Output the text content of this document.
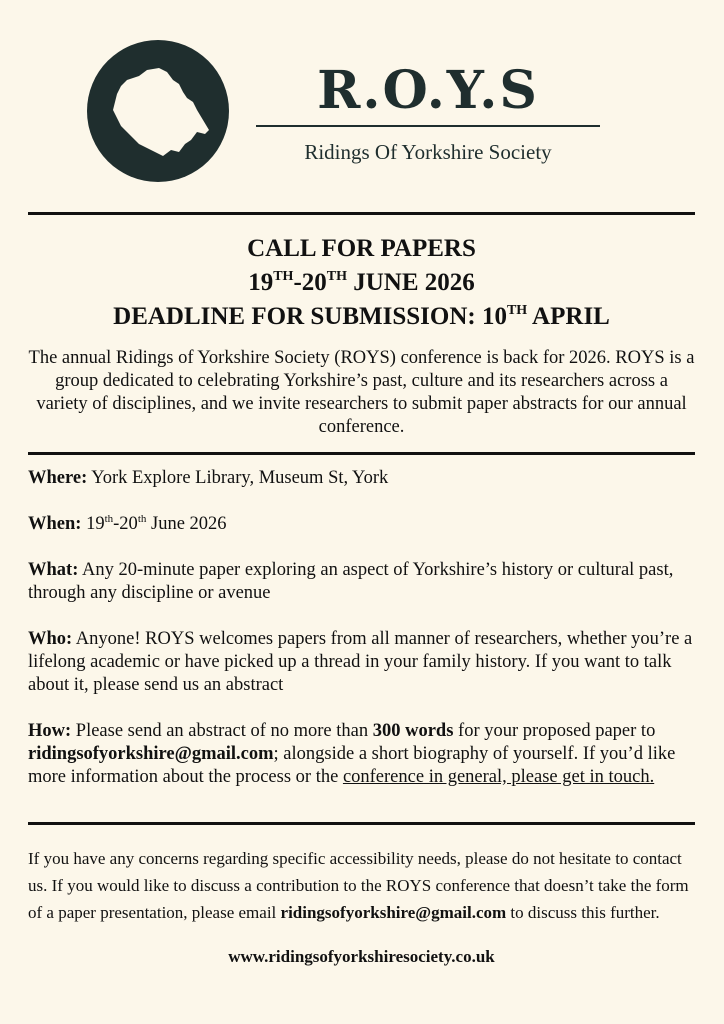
R.O.Y.S
Ridings Of Yorkshire Society
CALL FOR PAPERS
19TH-20TH JUNE 2026
DEADLINE FOR SUBMISSION: 10TH APRIL
The annual Ridings of Yorkshire Society (ROYS) conference is back for 2026. ROYS is a group dedicated to celebrating Yorkshire’s past, culture and its researchers across a variety of disciplines, and we invite researchers to submit paper abstracts for our annual conference.

Where: York Explore Library, Museum St, York

When: 19th-20th June 2026

What: Any 20-minute paper exploring an aspect of Yorkshire’s history or cultural past, through any discipline or avenue

Who: Anyone! ROYS welcomes papers from all manner of researchers, whether you’re a lifelong academic or have picked up a thread in your family history. If you want to talk about it, please send us an abstract

How: Please send an abstract of no more than 300 words for your proposed paper to ridingsofyorkshire@gmail.com; alongside a short biography of yourself. If you’d like more information about the process or the conference in general, please get in touch.

If you have any concerns regarding specific accessibility needs, please do not hesitate to contact us. If you would like to discuss a contribution to the ROYS conference that doesn’t take the form of a paper presentation, please email ridingsofyorkshire@gmail.com to discuss this further.
www.ridingsofyorkshiresociety.co.uk
